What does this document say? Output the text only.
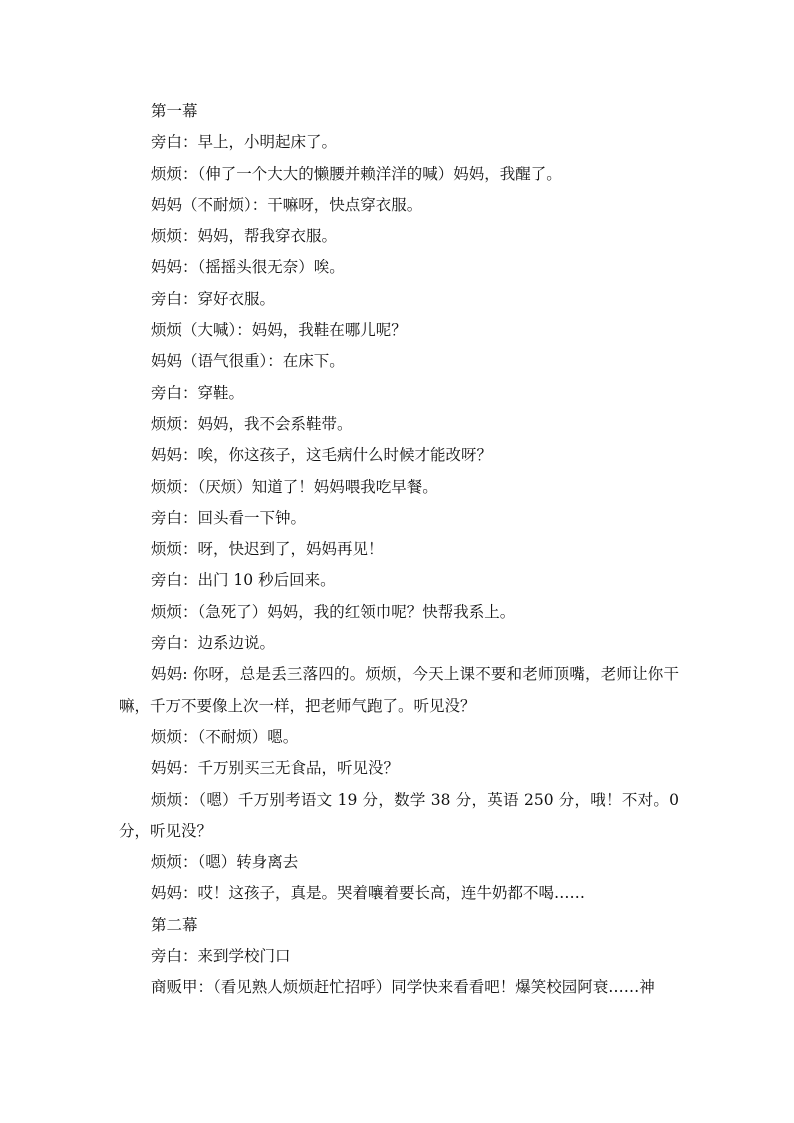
第一幕
旁白：早上，小明起床了。
烦烦：（伸了一个大大的懒腰并赖洋洋的喊）妈妈，我醒了。
妈妈（不耐烦）：干嘛呀，快点穿衣服。
烦烦：妈妈，帮我穿衣服。
妈妈：（摇摇头很无奈）唉。
旁白：穿好衣服。
烦烦（大喊）：妈妈，我鞋在哪儿呢？
妈妈（语气很重）：在床下。
旁白：穿鞋。
烦烦：妈妈，我不会系鞋带。
妈妈：唉，你这孩子，这毛病什么时候才能改呀？
烦烦：（厌烦）知道了！妈妈喂我吃早餐。
旁白：回头看一下钟。
烦烦：呀，快迟到了，妈妈再见！
旁白：出门 10 秒后回来。
烦烦：（急死了）妈妈，我的红领巾呢？快帮我系上。
旁白：边系边说。
妈妈: 你呀，总是丢三落四的。烦烦，今天上课不要和老师顶嘴，老师让你干嘛，千万不要像上次一样，把老师气跑了。听见没？
烦烦：（不耐烦）嗯。
妈妈：千万别买三无食品，听见没？
烦烦：（嗯）千万别考语文 19 分，数学 38 分，英语 250 分，哦！不对。0 分，听见没？
烦烦：（嗯）转身离去
妈妈：哎！这孩子，真是。哭着嚷着要长高，连牛奶都不喝……
第二幕
旁白：来到学校门口
商贩甲：（看见熟人烦烦赶忙招呼）同学快来看看吧！爆笑校园阿衰……神
